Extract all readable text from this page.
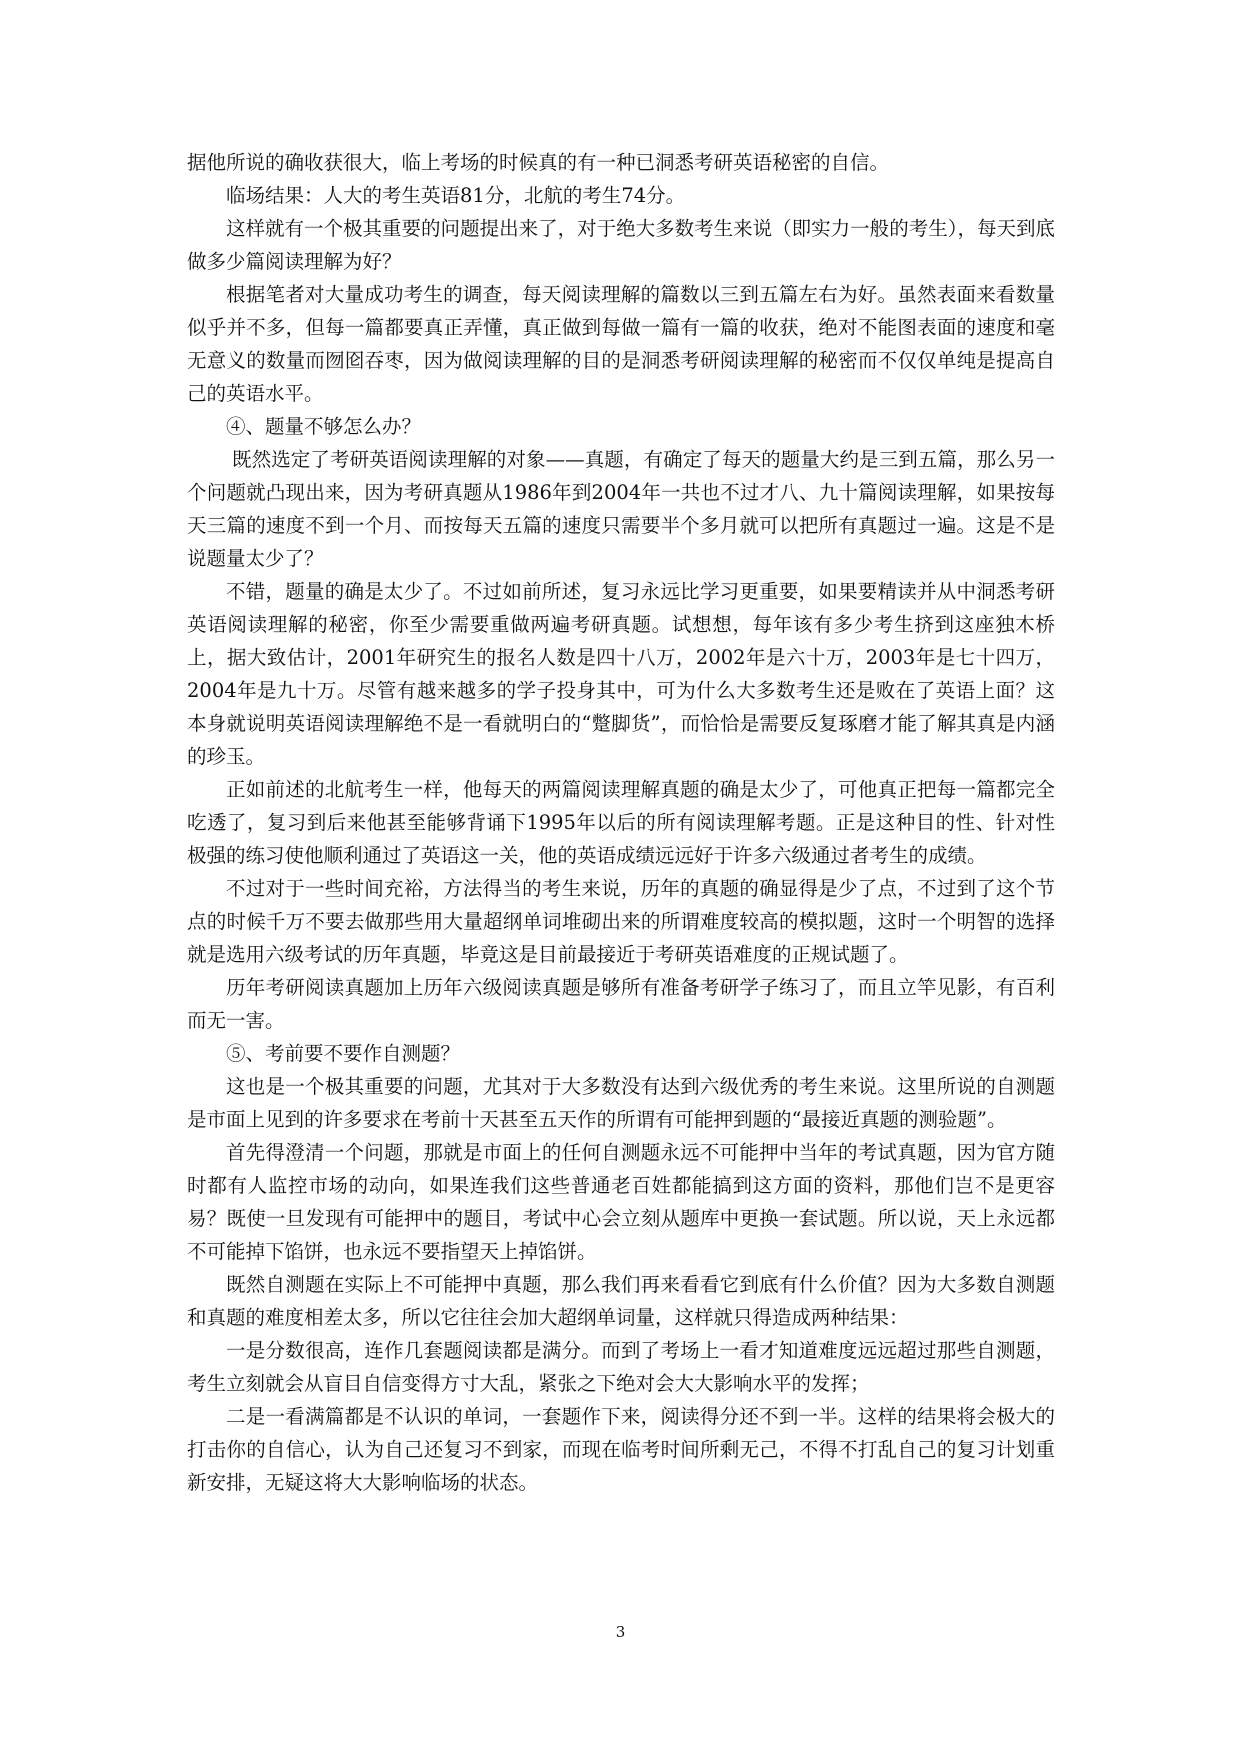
据他所说的确收获很大，临上考场的时候真的有一种已洞悉考研英语秘密的自信。

临场结果：人大的考生英语81分，北航的考生74分。

这样就有一个极其重要的问题提出来了，对于绝大多数考生来说（即实力一般的考生），每天到底做多少篇阅读理解为好？

根据笔者对大量成功考生的调查，每天阅读理解的篇数以三到五篇左右为好。虽然表面来看数量似乎并不多，但每一篇都要真正弄懂，真正做到每做一篇有一篇的收获，绝对不能图表面的速度和毫无意义的数量而囫囵吞枣，因为做阅读理解的目的是洞悉考研阅读理解的秘密而不仅仅单纯是提高自己的英语水平。

④、题量不够怎么办？

既然选定了考研英语阅读理解的对象——真题，有确定了每天的题量大约是三到五篇，那么另一个问题就凸现出来，因为考研真题从1986年到2004年一共也不过才八、九十篇阅读理解，如果按每天三篇的速度不到一个月、而按每天五篇的速度只需要半个多月就可以把所有真题过一遍。这是不是说题量太少了？

不错，题量的确是太少了。不过如前所述，复习永远比学习更重要，如果要精读并从中洞悉考研英语阅读理解的秘密，你至少需要重做两遍考研真题。试想想，每年该有多少考生挤到这座独木桥上，据大致估计，2001年研究生的报名人数是四十八万，2002年是六十万，2003年是七十四万，2004年是九十万。尽管有越来越多的学子投身其中，可为什么大多数考生还是败在了英语上面？这本身就说明英语阅读理解绝不是一看就明白的“蹩脚货”，而恰恰是需要反复琢磨才能了解其真是内涵的珍玉。

正如前述的北航考生一样，他每天的两篇阅读理解真题的确是太少了，可他真正把每一篇都完全吃透了，复习到后来他甚至能够背诵下1995年以后的所有阅读理解考题。正是这种目的性、针对性极强的练习使他顺利通过了英语这一关，他的英语成绩远远好于许多六级通过者考生的成绩。

不过对于一些时间充裕，方法得当的考生来说，历年的真题的确显得是少了点，不过到了这个节点的时候千万不要去做那些用大量超纲单词堆砌出来的所谓难度较高的模拟题，这时一个明智的选择就是选用六级考试的历年真题，毕竟这是目前最接近于考研英语难度的正规试题了。

历年考研阅读真题加上历年六级阅读真题是够所有准备考研学子练习了，而且立竿见影，有百利而无一害。

⑤、考前要不要作自测题？

这也是一个极其重要的问题，尤其对于大多数没有达到六级优秀的考生来说。这里所说的自测题是市面上见到的许多要求在考前十天甚至五天作的所谓有可能押到题的“最接近真题的测验题”。

首先得澄清一个问题，那就是市面上的任何自测题永远不可能押中当年的考试真题，因为官方随时都有人监控市场的动向，如果连我们这些普通老百姓都能搞到这方面的资料，那他们岂不是更容易？既使一旦发现有可能押中的题目，考试中心会立刻从题库中更换一套试题。所以说，天上永远都不可能掉下馅饼，也永远不要指望天上掉馅饼。

既然自测题在实际上不可能押中真题，那么我们再来看看它到底有什么价值？因为大多数自测题和真题的难度相差太多，所以它往往会加大超纲单词量，这样就只得造成两种结果：

一是分数很高，连作几套题阅读都是满分。而到了考场上一看才知道难度远远超过那些自测题，考生立刻就会从盲目自信变得方寸大乱，紧张之下绝对会大大影响水平的发挥；

二是一看满篇都是不认识的单词，一套题作下来，阅读得分还不到一半。这样的结果将会极大的打击你的自信心，认为自己还复习不到家，而现在临考时间所剩无己，不得不打乱自己的复习计划重新安排，无疑这将大大影响临场的状态。

3
